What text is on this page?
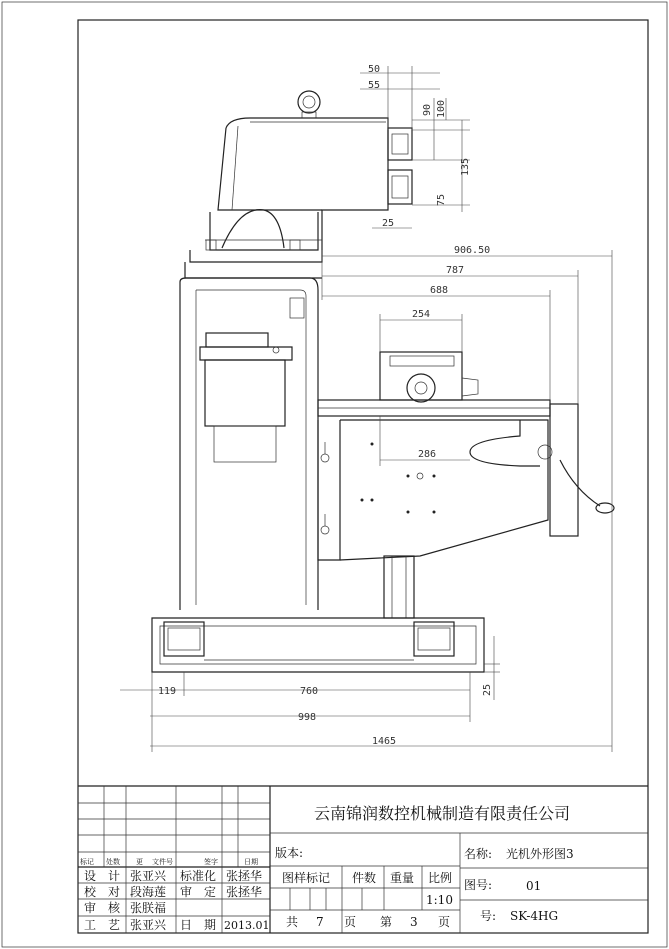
50
55
90 100
135
75
25
906.50
787
688
254
286
119	760	25
998
1465
云南锦润数控机械制造有限责任公司
版本:	名称: 光机外形图3
图号:	01
号: SK-4HG
图样标记 件数 重量 比例
1:10
共 7 页 第 3 页
标记 处数 更 文件号	签字	日期
设 计 张亚兴 标准化 张拯华
校 对 段海莲 审 定 张拯华
审 核 张朕福
工 艺 张亚兴 日 期 2013.01
